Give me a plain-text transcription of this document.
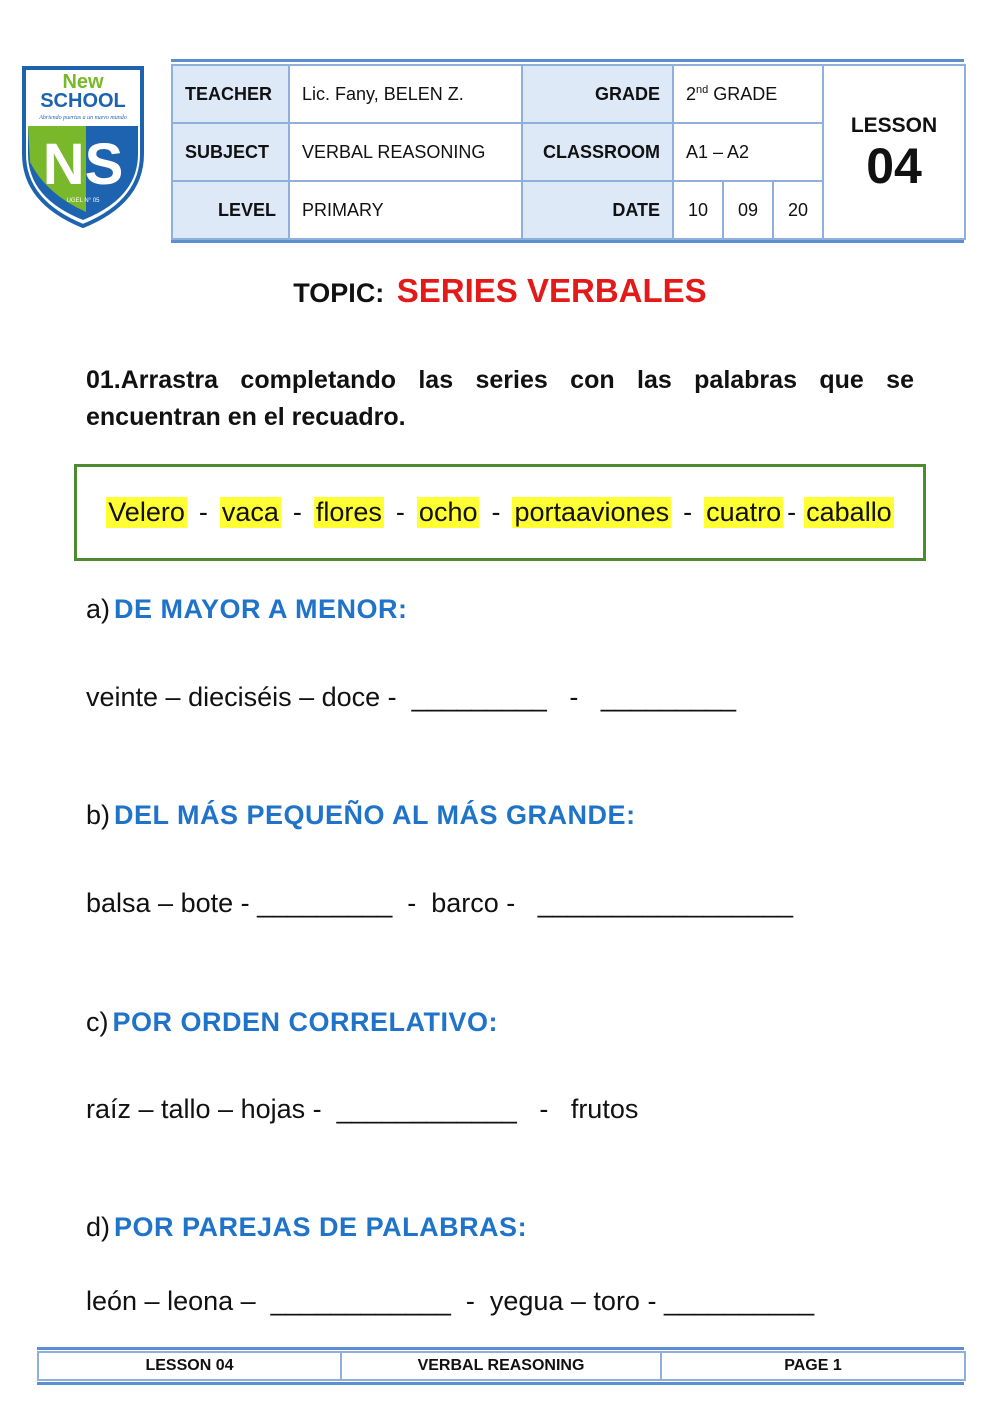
New
SCHOOL
Abriendo puertas a un nuevo mundo
NS
UGEL N° 05
TEACHER	Lic. Fany, BELEN Z.	GRADE	2nd GRADE			LESSON
04

SUBJECT	VERBAL REASONING	CLASSROOM	A1 – A2			
LEVEL	PRIMARY	DATE	10	09	20	
TOPIC: SERIES VERBALES
01.Arrastra completando las series con las palabras que se encuentran en el recuadro.
Velero - vaca - flores - ocho - portaaviones - cuatro - caballo
a) DE MAYOR A MENOR:
veinte – dieciséis – doce -  _________   -   _________
b) DEL MÁS PEQUEÑO AL MÁS GRANDE:
balsa – bote - _________  -  barco -   _________________
c) POR ORDEN CORRELATIVO:
raíz – tallo – hojas -  ____________   -   frutos
d) POR PAREJAS DE PALABRAS:
león – leona –  ____________  -  yegua – toro - __________
LESSON 04	VERBAL REASONING	PAGE 1
